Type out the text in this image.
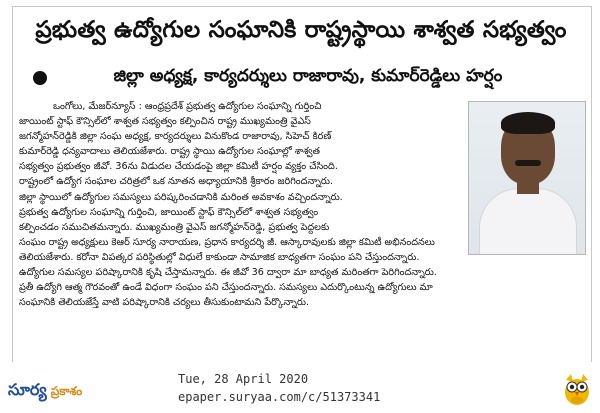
ప్రభుత్వ ఉద్యోగుల సంఘానికి రాష్ట్రస్థాయి శాశ్వత సభ్యత్వం
జిల్లా అధ్యక్ష, కార్యదర్శులు రాజారావు, కుమార్‌రెడ్డిలు హర్షం
ఒంగోలు, మేజర్‌న్యూస్ : ఆంధ్రప్రదేశ్ ప్రభుత్వ ఉద్యోగుల సంఘాన్ని గుర్తించి
జాయింట్ స్టాఫ్ కౌన్సిల్‌లో శాశ్వత సభ్యత్వం కల్పించిన రాష్ట్ర ముఖ్యమంత్రి వైఎస్
జగన్మోహన్‌రెడ్డికి జిల్లా సంఘ అధ్యక్ష, కార్యదర్శులు వినుకొండ రాజారావు, సిహెచ్ కిరణ్
కుమార్‌రెడ్డి ధన్యవాదాలు తెలియజేశారు. రాష్ట్ర స్థాయి ఉద్యోగుల సంఘాల్లో శాశ్వత
సభ్యత్వం ప్రభుత్వం జీవో. 36ను విడుదల చేయడంపై జిల్లా కమిటీ హర్షం వ్యక్తం చేసింది.
రాష్ట్రంలో ఉద్యోగ సంఘాల చరిత్రలో ఒక నూతన అధ్యాయానికి శ్రీకారం జరిగిందన్నారు.
జిల్లా స్థాయిలో ఉద్యోగుల సమస్యలు పరిష్కరించడానికి మరింత అవకాశం వచ్చిందన్నారు.
ప్రభుత్వ ఉద్యోగుల సంఘాన్ని గుర్తించి, జాయింట్ స్టాఫ్ కౌన్సిల్‌లో శాశ్వత సభ్యత్వం
కల్పించడం సముచితమన్నారు. ముఖ్యమంత్రి వైఎస్ జగన్మోహన్‌రెడ్డి, ప్రభుత్వ పెద్దలకు
సంఘం రాష్ట్ర అధ్యక్షులు కెఆర్ సూర్య నారాయణ, ప్రధాన కార్యదర్శి జీ. ఆస్కారావులకు జిల్లా కమిటీ అభినందనలు
తెలియజేశారు. కరోనా విపత్కర పరిస్థితుల్లో విధులే కాకుండా సామాజిక బాధ్యతగా సంఘం పని చేస్తుందన్నారు.
ఉద్యోగుల సమస్యల పరిష్కారానికి కృషి చేస్తామన్నారు. ఈ జీవో 36 ద్వారా మా బాధ్యత మరింతగా పెరిగిందన్నారు.
ప్రతీ ఉద్యోగి ఆత్మ గౌరవంతో ఉండే విధంగా సంఘం పని చేస్తుందన్నారు. సమస్యలు ఎదుర్కొంటున్న ఉద్యోగులు మా
సంఘానికి తెలియజేస్తే వాటి పరిష్కారానికి చర్యలు తీసుకుంటామని పేర్కొన్నారు.
సూర్య ప్రకాశం
Tue, 28 April 2020
epaper.suryaa.com/c/51373341
